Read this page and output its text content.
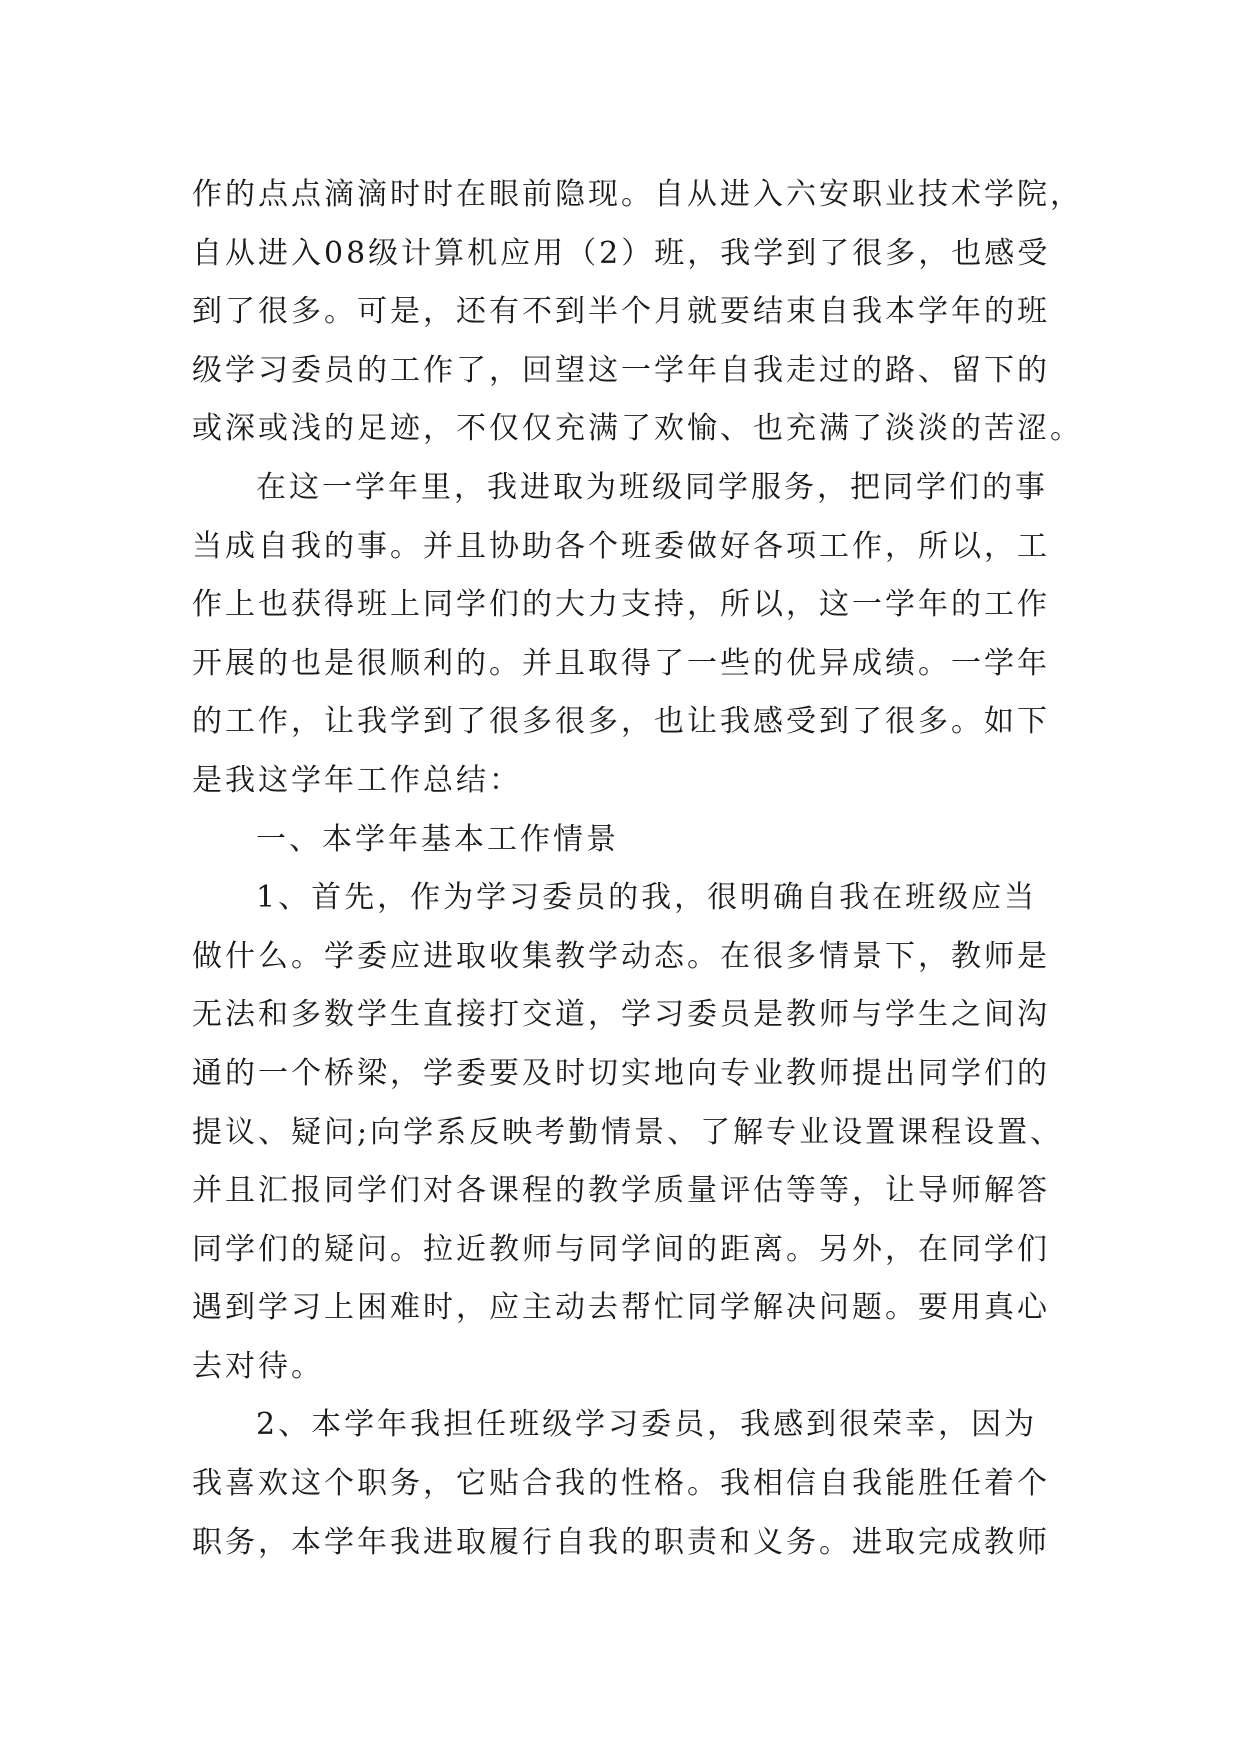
作的点点滴滴时时在眼前隐现。自从进入六安职业技术学院，
自从进入08级计算机应用（2）班，我学到了很多，也感受
到了很多。可是，还有不到半个月就要结束自我本学年的班
级学习委员的工作了，回望这一学年自我走过的路、留下的
或深或浅的足迹，不仅仅充满了欢愉、也充满了淡淡的苦涩。
在这一学年里，我进取为班级同学服务，把同学们的事
当成自我的事。并且协助各个班委做好各项工作，所以，工
作上也获得班上同学们的大力支持，所以，这一学年的工作
开展的也是很顺利的。并且取得了一些的优异成绩。一学年
的工作，让我学到了很多很多，也让我感受到了很多。如下
是我这学年工作总结：
一、本学年基本工作情景
1、首先，作为学习委员的我，很明确自我在班级应当
做什么。学委应进取收集教学动态。在很多情景下，教师是
无法和多数学生直接打交道，学习委员是教师与学生之间沟
通的一个桥梁，学委要及时切实地向专业教师提出同学们的
提议、疑问;向学系反映考勤情景、了解专业设置课程设置、
并且汇报同学们对各课程的教学质量评估等等，让导师解答
同学们的疑问。拉近教师与同学间的距离。另外，在同学们
遇到学习上困难时，应主动去帮忙同学解决问题。要用真心
去对待。
2、本学年我担任班级学习委员，我感到很荣幸，因为
我喜欢这个职务，它贴合我的性格。我相信自我能胜任着个
职务，本学年我进取履行自我的职责和义务。进取完成教师
